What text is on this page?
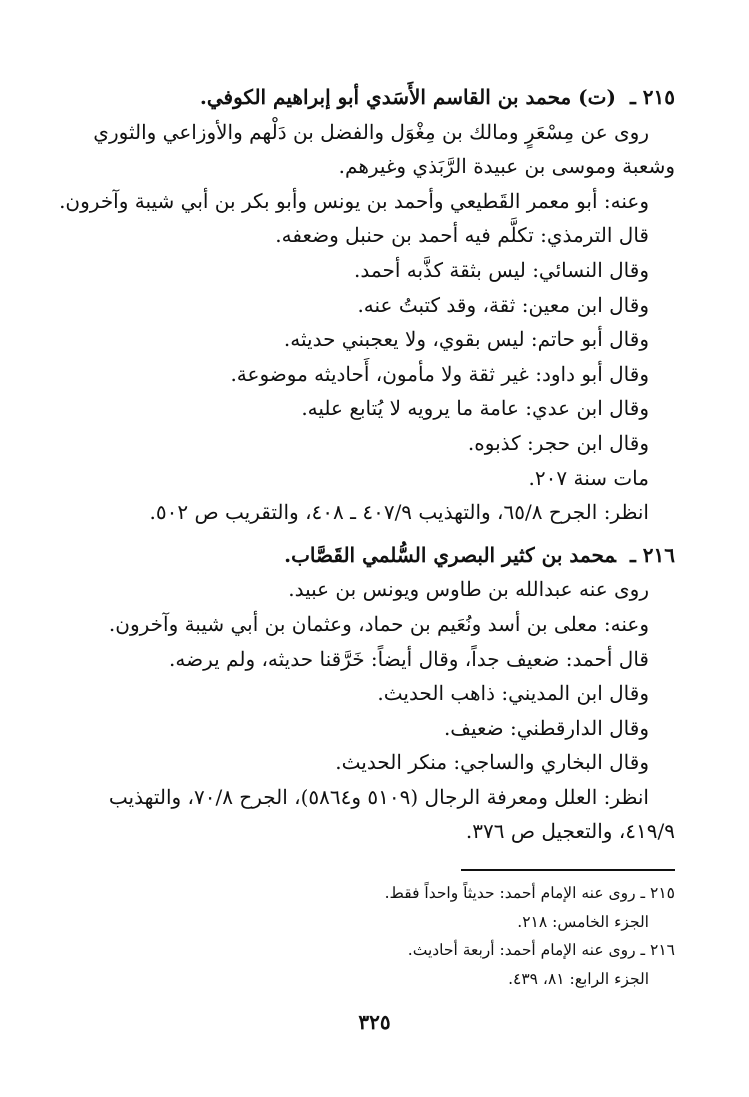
٢١٥ ـ(ت) محمد بن القاسم الأَسَدي أبو إبراهيم الكوفي.
روى عن مِسْعَرٍ ومالك بن مِغْوَل والفضل بن دَلْهم والأوزاعي والثوري
وشعبة وموسى بن عبيدة الرَّبَذي وغيرهم.
وعنه: أبو معمر القَطيعي وأحمد بن يونس وأبو بكر بن أبي شيبة وآخرون.
قال الترمذي: تكلَّم فيه أحمد بن حنبل وضعفه.
وقال النسائي: ليس بثقة كذَّبه أحمد.
وقال ابن معين: ثقة، وقد كتبتُ عنه.
وقال أبو حاتم: ليس بقوي، ولا يعجبني حديثه.
وقال أبو داود: غير ثقة ولا مأمون، أَحاديثه موضوعة.
وقال ابن عدي: عامة ما يرويه لا يُتابع عليه.
وقال ابن حجر: كذبوه.
مات سنة ٢٠٧.
انظر: الجرح ٦٥/٨، والتهذيب ٤٠٧/٩ ـ ٤٠٨، والتقريب ص ٥٠٢.
٢١٦ ـمحمد بن كثير البصري السُّلمي القَصَّاب.
روى عنه عبدالله بن طاوس ويونس بن عبيد.
وعنه: معلى بن أسد ونُعَيم بن حماد، وعثمان بن أبي شيبة وآخرون.
قال أحمد: ضعيف جداً، وقال أيضاً: خَرَّقنا حديثه، ولم يرضه.
وقال ابن المديني: ذاهب الحديث.
وقال الدارقطني: ضعيف.
وقال البخاري والساجي: منكر الحديث.
انظر: العلل ومعرفة الرجال (٥١٠٩ و٥٨٦٤)، الجرح ٧٠/٨، والتهذيب
٤١٩/٩، والتعجيل ص ٣٧٦.
٢١٥ ـ روى عنه الإمام أحمد: حديثاً واحداً فقط.
الجزء الخامس: ٢١٨.
٢١٦ ـ روى عنه الإمام أحمد: أربعة أحاديث.
الجزء الرابع: ٨١، ٤٣٩.
٣٢٥
